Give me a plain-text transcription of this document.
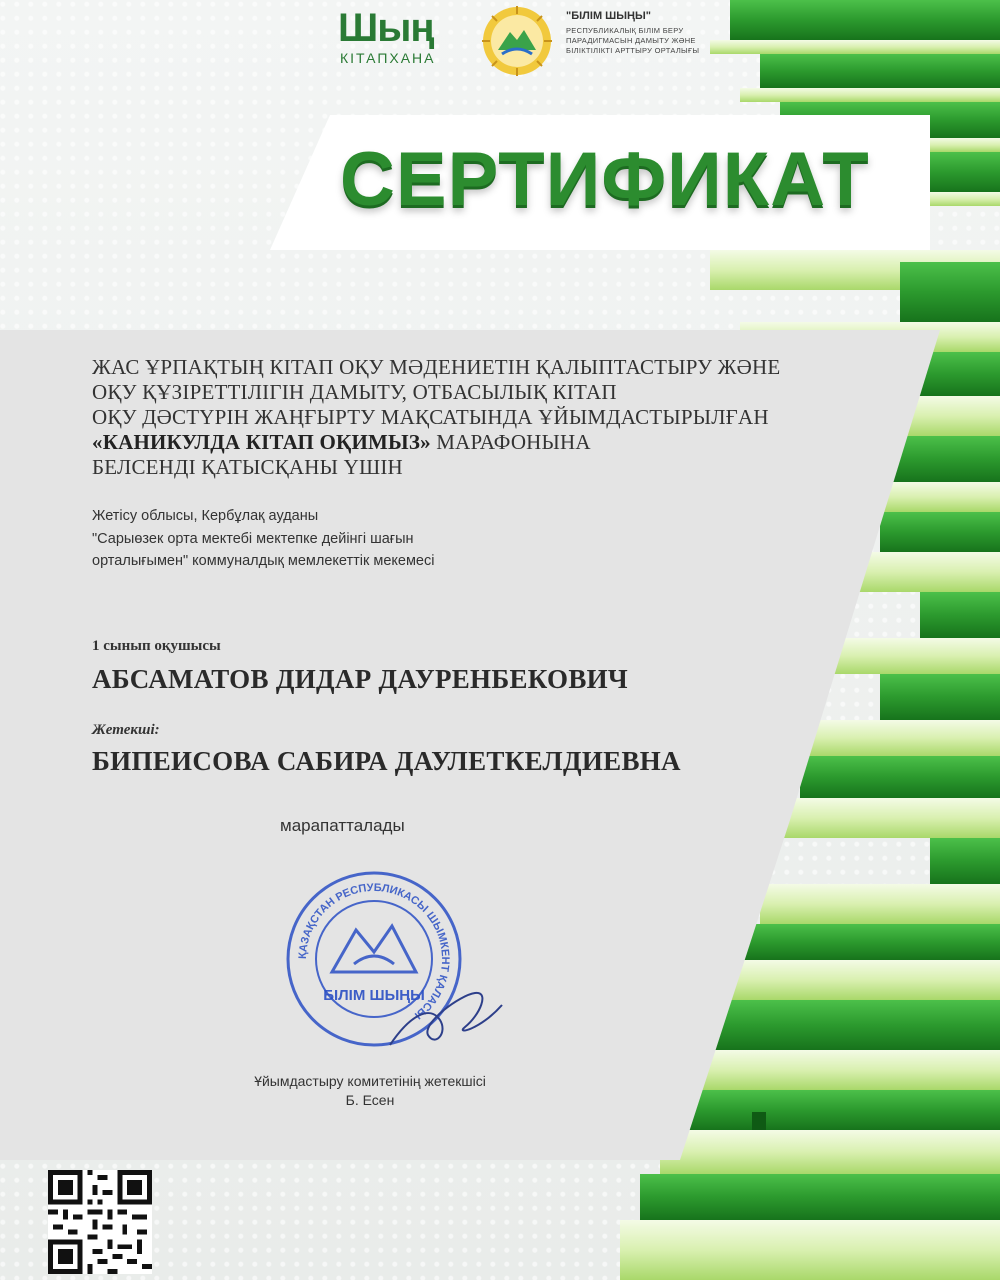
Шың
КІТАПХАНА
"БІЛІМ ШЫҢЫ"
РЕСПУБЛИКАЛЫҚ БІЛІМ БЕРУ
ПАРАДИГМАСЫН ДАМЫТУ ЖӘНЕ
БІЛІКТІЛІКТІ АРТТЫРУ ОРТАЛЫҒЫ
СЕРТИФИКАТ
ЖАС ҰРПАҚТЫҢ КІТАП ОҚУ МӘДЕНИЕТІН ҚАЛЫПТАСТЫРУ ЖӘНЕ
ОҚУ ҚҰЗІРЕТТІЛІГІН ДАМЫТУ, ОТБАСЫЛЫҚ КІТАП
ОҚУ ДӘСТҮРІН ЖАҢҒЫРТУ МАҚСАТЫНДА ҰЙЫМДАСТЫРЫЛҒАН
«КАНИКУЛДА КІТАП ОҚИМЫЗ» МАРАФОНЫНА
БЕЛСЕНДІ ҚАТЫСҚАНЫ ҮШІН
Жетісу облысы, Кербұлақ ауданы
"Сарыөзек орта мектебі мектепке дейінгі шағын
орталығымен" коммуналдық мемлекеттік мекемесі
1 сынып оқушысы
АБСАМАТОВ ДИДАР ДАУРЕНБЕКОВИЧ
Жетекші:
БИПЕИСОВА САБИРА ДАУЛЕТКЕЛДИЕВНА
марапатталады
ҚАЗАҚСТАН РЕСПУБЛИКАСЫ ШЫМКЕНТ ҚАЛАСЫ
БІЛІМ ШЫҢЫ
Ұйымдастыру комитетінің жетекшісі
Б. Есен
